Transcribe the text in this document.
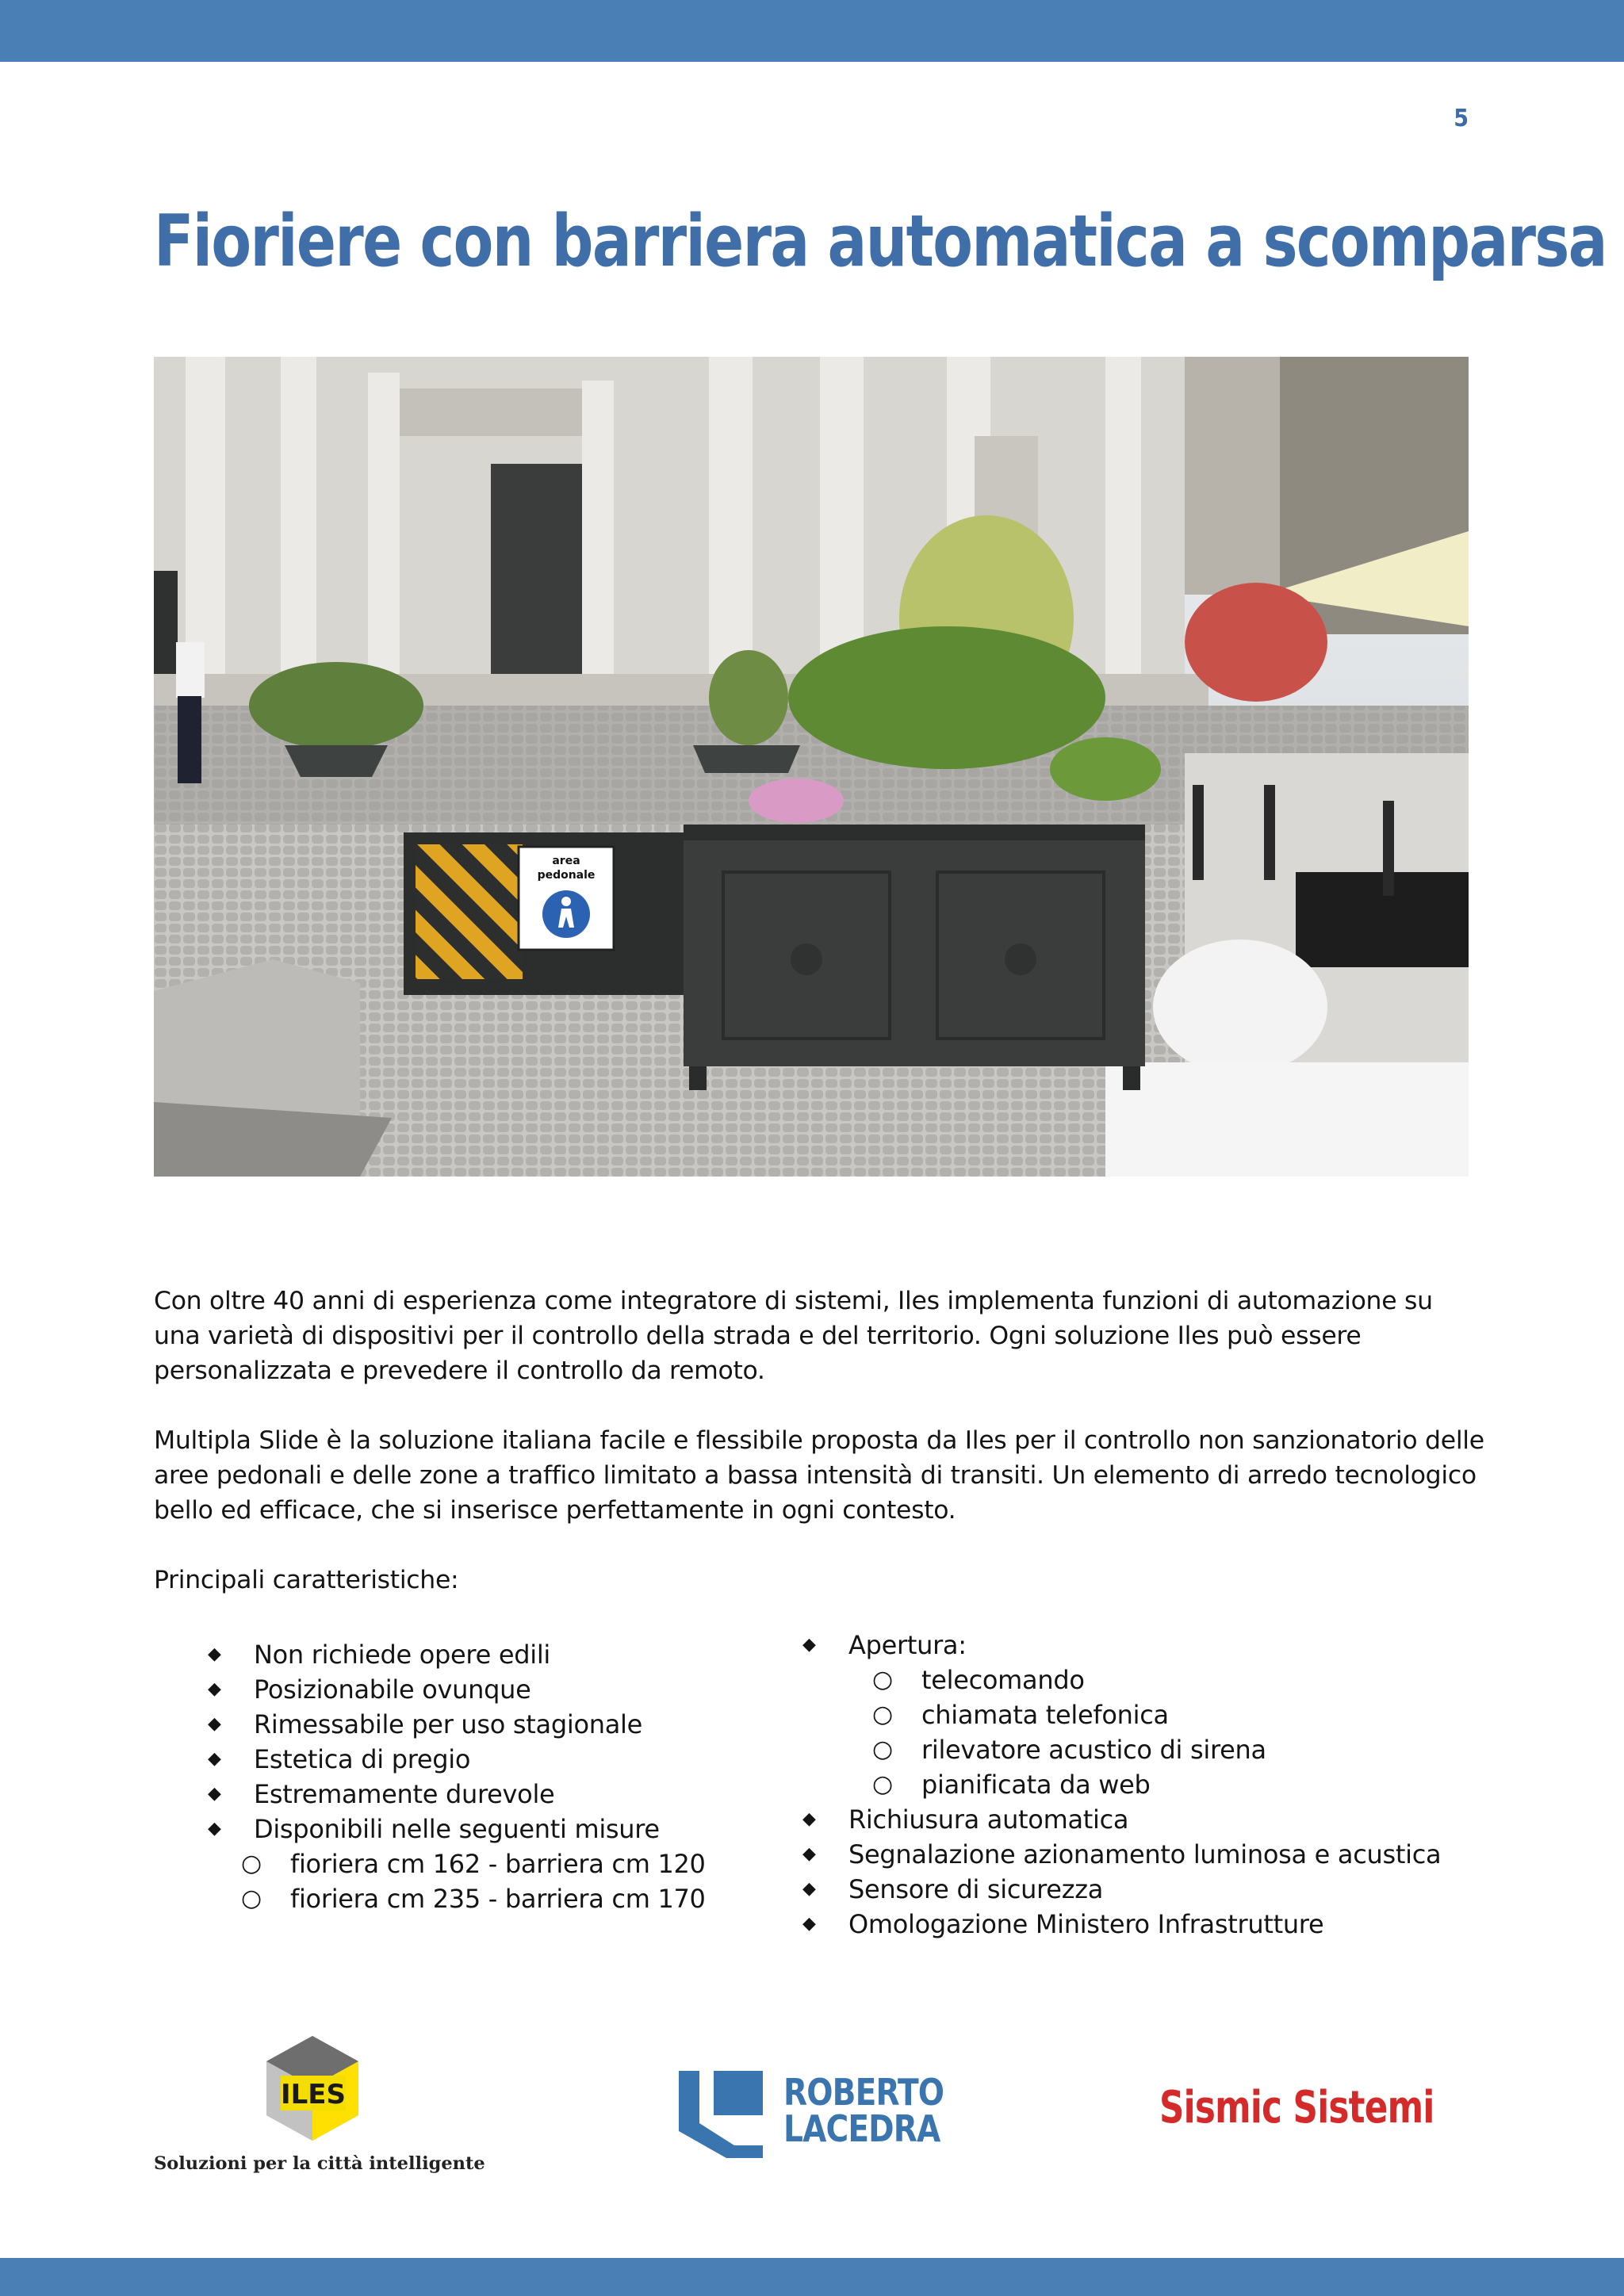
5
Fioriere con barriera automatica a scomparsa
area
pedonale

Con oltre 40 anni di esperienza come integratore di sistemi, Iles implementa funzioni di automazione su una varietà di dispositivi per il controllo della strada e del territorio. Ogni soluzione Iles può essere personalizzata e prevedere il controllo da remoto.

Multipla Slide è la soluzione italiana facile e flessibile proposta da Iles per il controllo non sanzionatorio delle aree pedonali e delle zone a traffico limitato a bassa intensità di transiti. Un elemento di arredo tecnologico bello ed efficace, che si inserisce perfettamente in ogni contesto.

Principali caratteristiche:

◆ Non richiede opere edili
◆ Posizionabile ovunque
◆ Rimessabile per uso stagionale
◆ Estetica di pregio
◆ Estremamente durevole
◆ Disponibili nelle seguenti misure
○ fioriera cm 162 - barriera cm 120
○ fioriera cm 235 - barriera cm 170
◆ Apertura:
○ telecomando
○ chiamata telefonica
○ rilevatore acustico di sirena
○ pianificata da web
◆ Richiusura automatica
◆ Segnalazione azionamento luminosa e acustica
◆ Sensore di sicurezza
◆ Omologazione Ministero Infrastrutture
ILES
Soluzioni per la città intelligente
ROBERTO
LACEDRA	Sismic Sistemi
